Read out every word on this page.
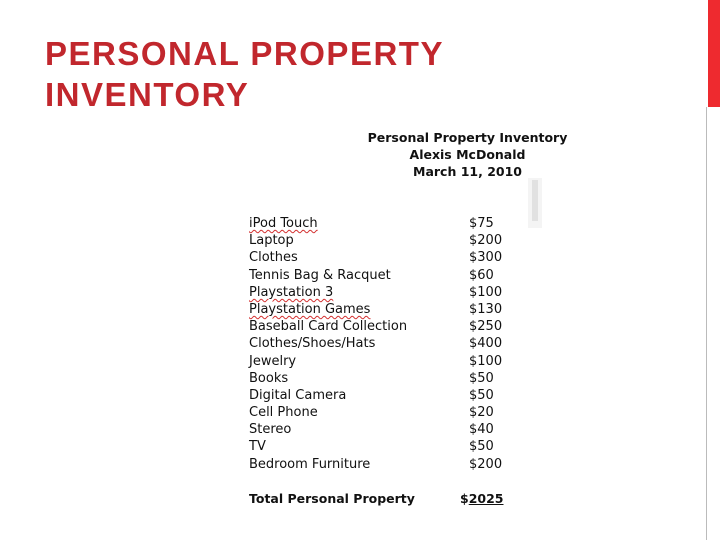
PERSONAL PROPERTY
INVENTORY
Personal Property Inventory
Alexis McDonald
March 11, 2010
iPod Touch	$75
Laptop	$200
Clothes	$300
Tennis Bag & Racquet	$60
Playstation 3	$100
Playstation Games	$130
Baseball Card Collection	$250
Clothes/Shoes/Hats	$400
Jewelry	$100
Books	$50
Digital Camera	$50
Cell Phone	$20
Stereo	$40
TV	$50
Bedroom Furniture	$200
Total Personal Property	$2025
